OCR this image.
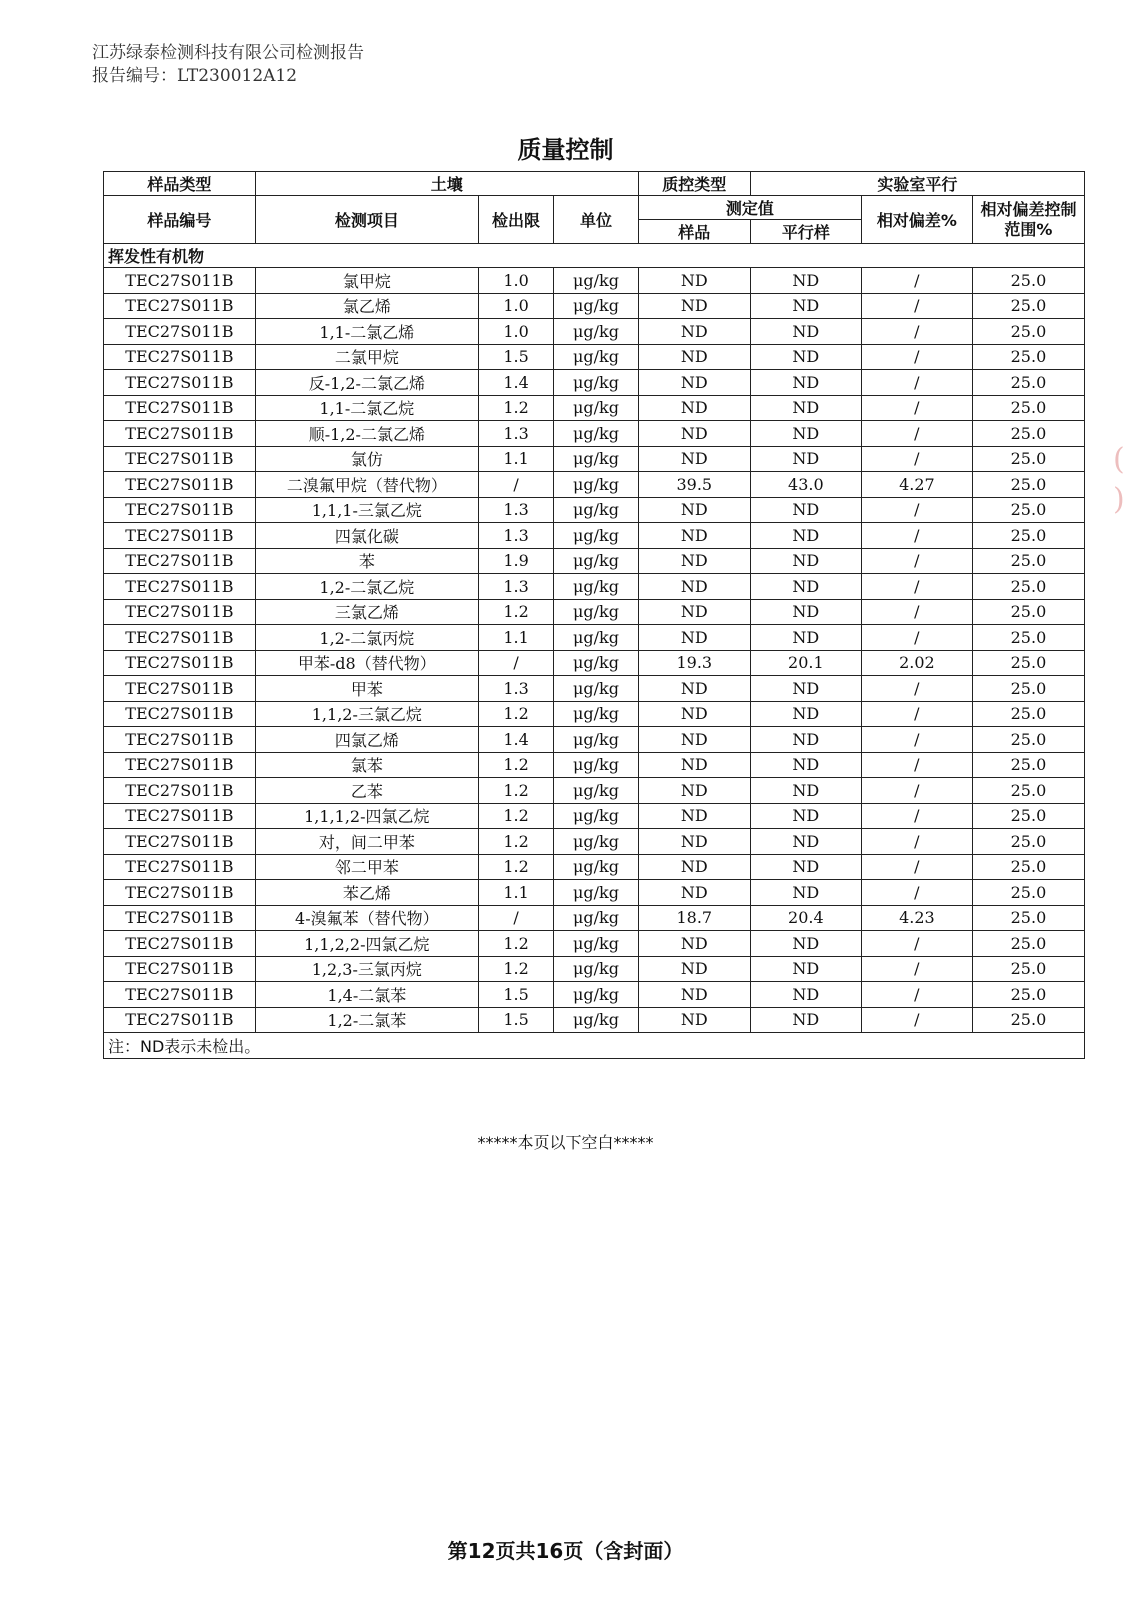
江苏绿泰检测科技有限公司检测报告
报告编号：LT230012A12
质量控制
样品类型	土壤			质控类型	实验室平行		
样品编号	检测项目	检出限	单位	测定值		相对偏差%	相对偏差控制范围%
				样品	平行样		
挥发性有机物							
TEC27S011B	氯甲烷	1.0	μg/kg	ND	ND	/	25.0
TEC27S011B	氯乙烯	1.0	μg/kg	ND	ND	/	25.0
TEC27S011B	1,1-二氯乙烯	1.0	μg/kg	ND	ND	/	25.0
TEC27S011B	二氯甲烷	1.5	μg/kg	ND	ND	/	25.0
TEC27S011B	反-1,2-二氯乙烯	1.4	μg/kg	ND	ND	/	25.0
TEC27S011B	1,1-二氯乙烷	1.2	μg/kg	ND	ND	/	25.0
TEC27S011B	顺-1,2-二氯乙烯	1.3	μg/kg	ND	ND	/	25.0
TEC27S011B	氯仿	1.1	μg/kg	ND	ND	/	25.0
TEC27S011B	二溴氟甲烷（替代物）	/	μg/kg	39.5	43.0	4.27	25.0
TEC27S011B	1,1,1-三氯乙烷	1.3	μg/kg	ND	ND	/	25.0
TEC27S011B	四氯化碳	1.3	μg/kg	ND	ND	/	25.0
TEC27S011B	苯	1.9	μg/kg	ND	ND	/	25.0
TEC27S011B	1,2-二氯乙烷	1.3	μg/kg	ND	ND	/	25.0
TEC27S011B	三氯乙烯	1.2	μg/kg	ND	ND	/	25.0
TEC27S011B	1,2-二氯丙烷	1.1	μg/kg	ND	ND	/	25.0
TEC27S011B	甲苯-d8（替代物）	/	μg/kg	19.3	20.1	2.02	25.0
TEC27S011B	甲苯	1.3	μg/kg	ND	ND	/	25.0
TEC27S011B	1,1,2-三氯乙烷	1.2	μg/kg	ND	ND	/	25.0
TEC27S011B	四氯乙烯	1.4	μg/kg	ND	ND	/	25.0
TEC27S011B	氯苯	1.2	μg/kg	ND	ND	/	25.0
TEC27S011B	乙苯	1.2	μg/kg	ND	ND	/	25.0
TEC27S011B	1,1,1,2-四氯乙烷	1.2	μg/kg	ND	ND	/	25.0
TEC27S011B	对，间二甲苯	1.2	μg/kg	ND	ND	/	25.0
TEC27S011B	邻二甲苯	1.2	μg/kg	ND	ND	/	25.0
TEC27S011B	苯乙烯	1.1	μg/kg	ND	ND	/	25.0
TEC27S011B	4-溴氟苯（替代物）	/	μg/kg	18.7	20.4	4.23	25.0
TEC27S011B	1,1,2,2-四氯乙烷	1.2	μg/kg	ND	ND	/	25.0
TEC27S011B	1,2,3-三氯丙烷	1.2	μg/kg	ND	ND	/	25.0
TEC27S011B	1,4-二氯苯	1.5	μg/kg	ND	ND	/	25.0
TEC27S011B	1,2-二氯苯	1.5	μg/kg	ND	ND	/	25.0
注：ND表示未检出。							
*****本页以下空白*****
第12页共16页（含封面）
(
)
